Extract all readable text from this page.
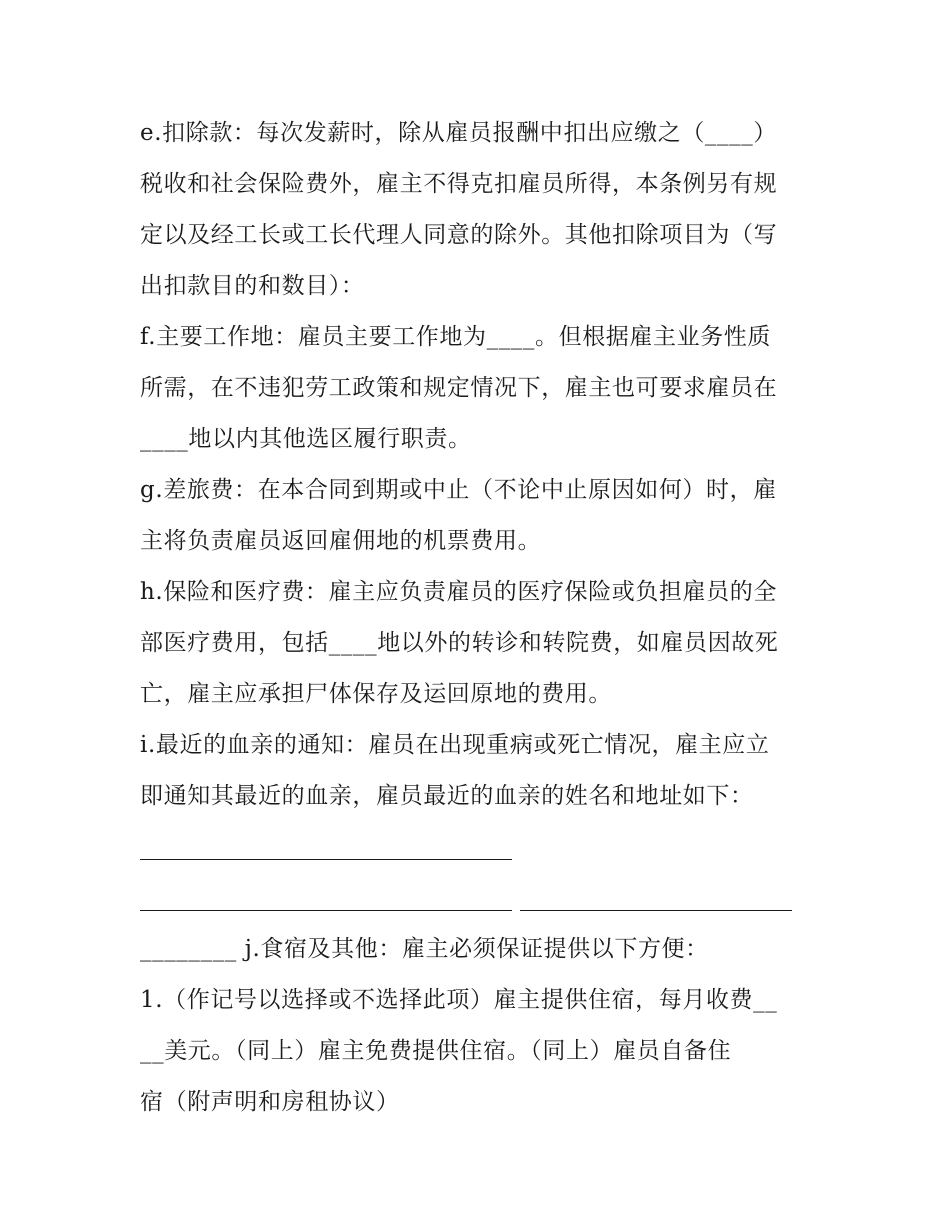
e.扣除款：每次发薪时，除从雇员报酬中扣出应缴之（____）
税收和社会保险费外，雇主不得克扣雇员所得，本条例另有规
定以及经工长或工长代理人同意的除外。其他扣除项目为（写
出扣款目的和数目）：
f.主要工作地：雇员主要工作地为____。但根据雇主业务性质
所需，在不违犯劳工政策和规定情况下，雇主也可要求雇员在
____地以内其他选区履行职责。
g.差旅费：在本合同到期或中止（不论中止原因如何）时，雇
主将负责雇员返回雇佣地的机票费用。
h.保险和医疗费：雇主应负责雇员的医疗保险或负担雇员的全
部医疗费用，包括____地以外的转诊和转院费，如雇员因故死
亡，雇主应承担尸体保存及运回原地的费用。
i.最近的血亲的通知：雇员在出现重病或死亡情况，雇主应立
即通知其最近的血亲，雇员最近的血亲的姓名和地址如下：
________ j.食宿及其他：雇主必须保证提供以下方便：
1.（作记号以选择或不选择此项）雇主提供住宿，每月收费__
__美元。（同上）雇主免费提供住宿。（同上）雇员自备住
宿（附声明和房租协议）
